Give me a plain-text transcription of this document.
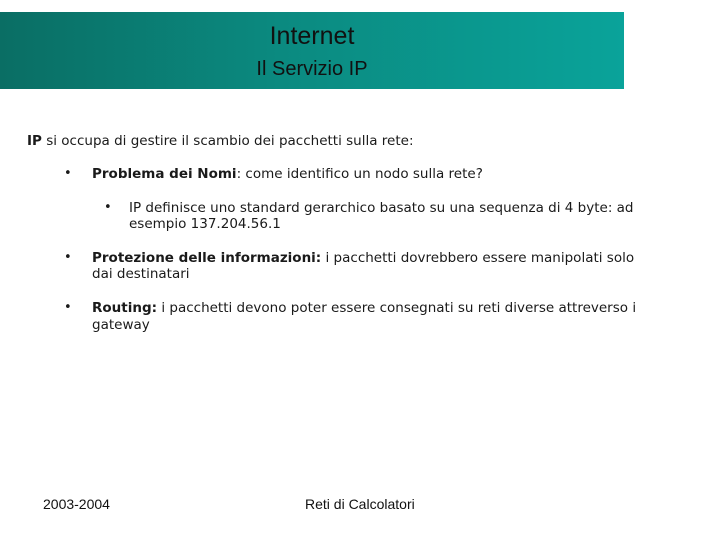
Internet
Il Servizio IP
IP si occupa di gestire il scambio dei pacchetti sulla rete:
• Problema dei Nomi: come identifico un nodo sulla rete?
• IP definisce uno standard gerarchico basato su una sequenza di 4 byte: ad
esempio 137.204.56.1
• Protezione delle informazioni: i pacchetti dovrebbero essere manipolati solo
dai destinatari
• Routing: i pacchetti devono poter essere consegnati su reti diverse attreverso i
gateway
2003-2004	Reti di Calcolatori
